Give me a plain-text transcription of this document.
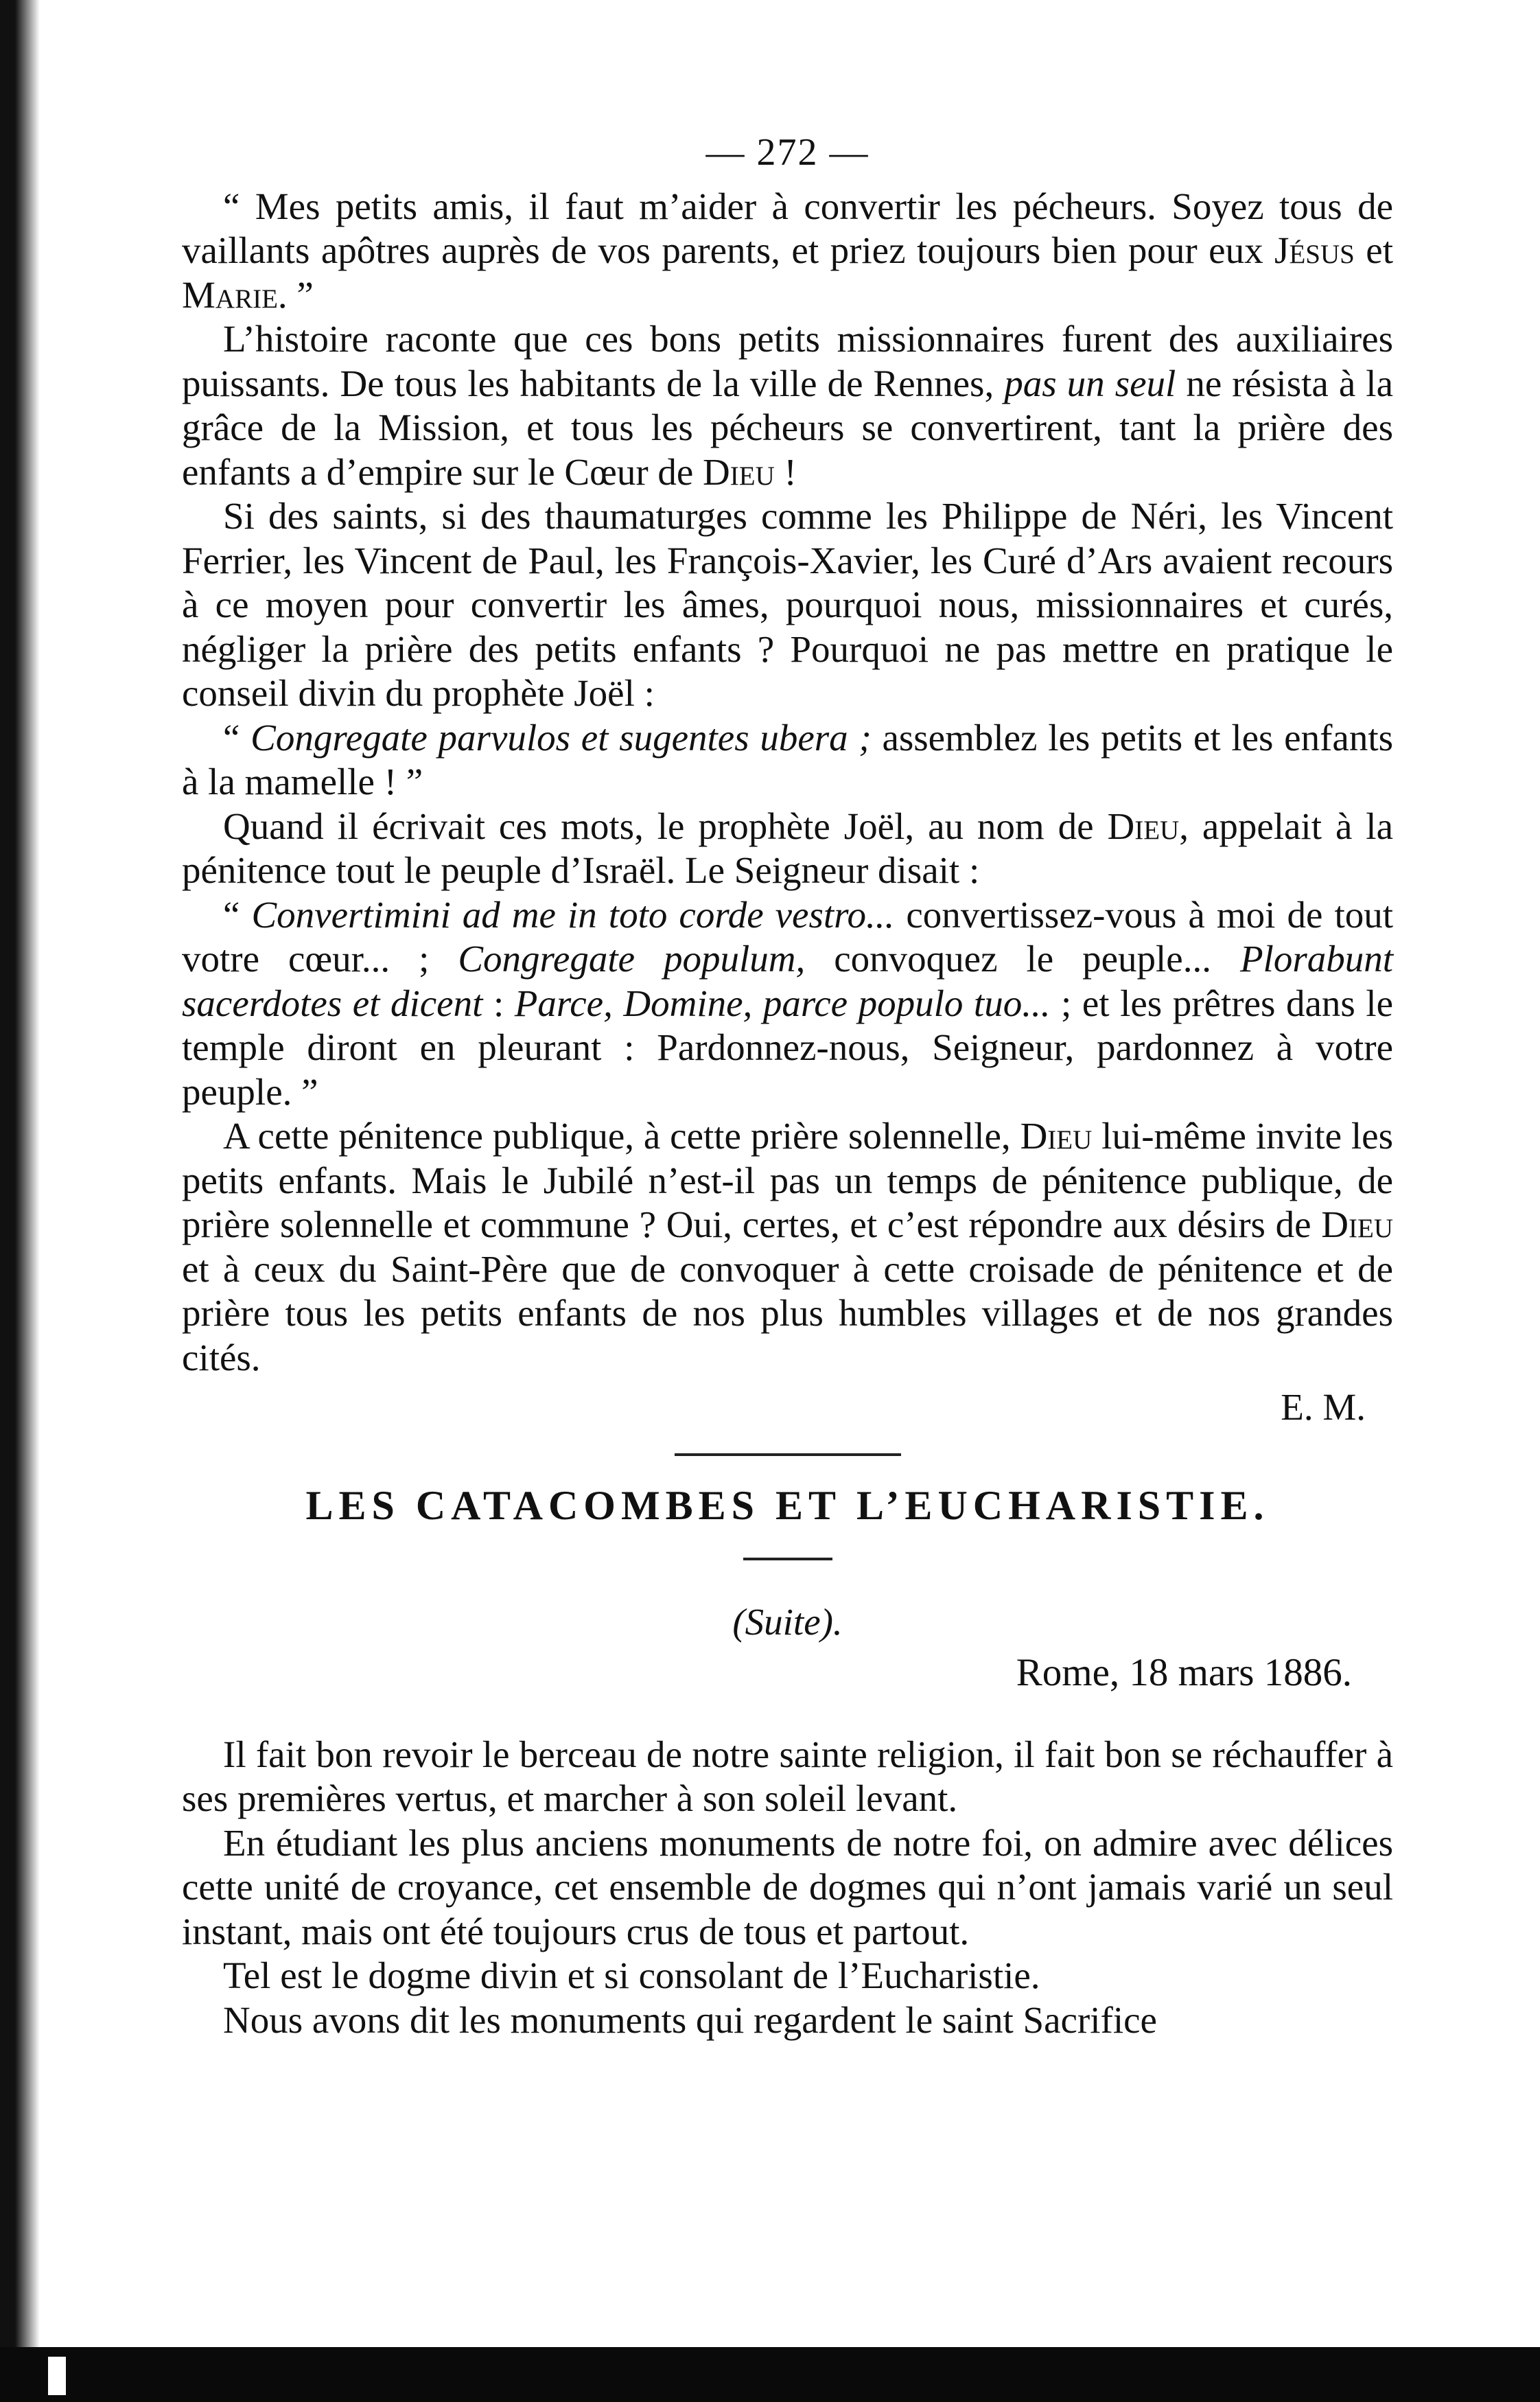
— 272 —

“ Mes petits amis, il faut m’aider à convertir les pécheurs. Soyez tous de vaillants apôtres auprès de vos parents, et priez toujours bien pour eux Jésus et Marie. ”

L’histoire raconte que ces bons petits missionnaires furent des auxiliaires puissants. De tous les habitants de la ville de Rennes, pas un seul ne résista à la grâce de la Mission, et tous les pécheurs se convertirent, tant la prière des enfants a d’empire sur le Cœur de Dieu !

Si des saints, si des thaumaturges comme les Philippe de Néri, les Vincent Ferrier, les Vincent de Paul, les François-Xavier, les Curé d’Ars avaient recours à ce moyen pour convertir les âmes, pourquoi nous, missionnaires et curés, négliger la prière des petits enfants ? Pourquoi ne pas mettre en pratique le conseil divin du prophète Joël :

“ Congregate parvulos et sugentes ubera ; assemblez les petits et les enfants à la mamelle ! ”

Quand il écrivait ces mots, le prophète Joël, au nom de Dieu, appelait à la pénitence tout le peuple d’Israël. Le Seigneur disait :

“ Convertimini ad me in toto corde vestro... convertissez-vous à moi de tout votre cœur... ; Congregate populum, convoquez le peuple... Plorabunt sacerdotes et dicent : Parce, Domine, parce populo tuo... ; et les prêtres dans le temple diront en pleurant : Pardonnez-nous, Seigneur, pardonnez à votre peuple. ”

A cette pénitence publique, à cette prière solennelle, Dieu lui-même invite les petits enfants. Mais le Jubilé n’est-il pas un temps de pénitence publique, de prière solennelle et commune ? Oui, certes, et c’est répondre aux désirs de Dieu et à ceux du Saint-Père que de convoquer à cette croisade de pénitence et de prière tous les petits enfants de nos plus humbles villages et de nos grandes cités.

E. M.

LES CATACOMBES ET L’EUCHARISTIE.

(Suite).

Rome, 18 mars 1886.

Il fait bon revoir le berceau de notre sainte religion, il fait bon se réchauffer à ses premières vertus, et marcher à son soleil levant.

En étudiant les plus anciens monuments de notre foi, on admire avec délices cette unité de croyance, cet ensemble de dogmes qui n’ont jamais varié un seul instant, mais ont été toujours crus de tous et partout.

Tel est le dogme divin et si consolant de l’Eucharistie.

Nous avons dit les monuments qui regardent le saint Sacrifice
